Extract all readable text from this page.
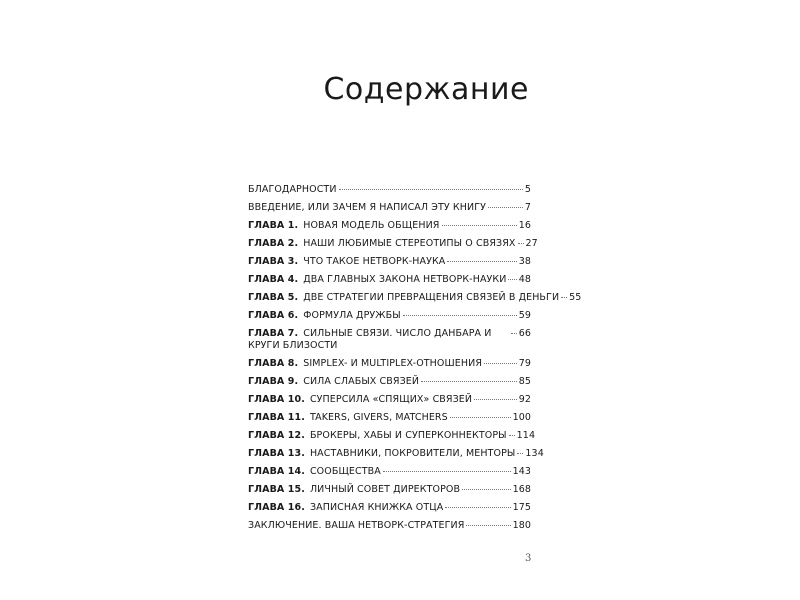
Содержание
БЛАГОДАРНОСТИ	5
ВВЕДЕНИЕ, ИЛИ ЗАЧЕМ Я НАПИСАЛ ЭТУ КНИГУ	7
ГЛАВА 1. НОВАЯ МОДЕЛЬ ОБЩЕНИЯ	16
ГЛАВА 2. НАШИ ЛЮБИМЫЕ СТЕРЕОТИПЫ О СВЯЗЯХ 27
ГЛАВА 3. ЧТО ТАКОЕ НЕТВОРК-НАУКА	38
ГЛАВА 4. ДВА ГЛАВНЫХ ЗАКОНА НЕТВОРК-НАУКИ 48
ГЛАВА 5. ДВЕ СТРАТЕГИИ ПРЕВРАЩЕНИЯ СВЯЗЕЙ В ДЕНЬГИ 55
ГЛАВА 6. ФОРМУЛА ДРУЖБЫ	59
ГЛАВА 7. СИЛЬНЫЕ СВЯЗИ. ЧИСЛО ДАНБАРА И КРУГИ БЛИЗОСТИ
66
ГЛАВА 8. SIMPLEX- И MULTIPLEX-ОТНОШЕНИЯ	79
ГЛАВА 9. СИЛА СЛАБЫХ СВЯЗЕЙ	85
ГЛАВА 10. СУПЕРСИЛА «СПЯЩИХ» СВЯЗЕЙ	92
ГЛАВА 11. TAKERS, GIVERS, MATCHERS	100
ГЛАВА 12. БРОКЕРЫ, ХАБЫ И СУПЕРКОННЕКТОРЫ 114
ГЛАВА 13. НАСТАВНИКИ, ПОКРОВИТЕЛИ, МЕНТОРЫ 134
ГЛАВА 14. СООБЩЕСТВА	143
ГЛАВА 15. ЛИЧНЫЙ СОВЕТ ДИРЕКТОРОВ	168
ГЛАВА 16. ЗАПИСНАЯ КНИЖКА ОТЦА	175
ЗАКЛЮЧЕНИЕ. ВАША НЕТВОРК-СТРАТЕГИЯ	180
3
